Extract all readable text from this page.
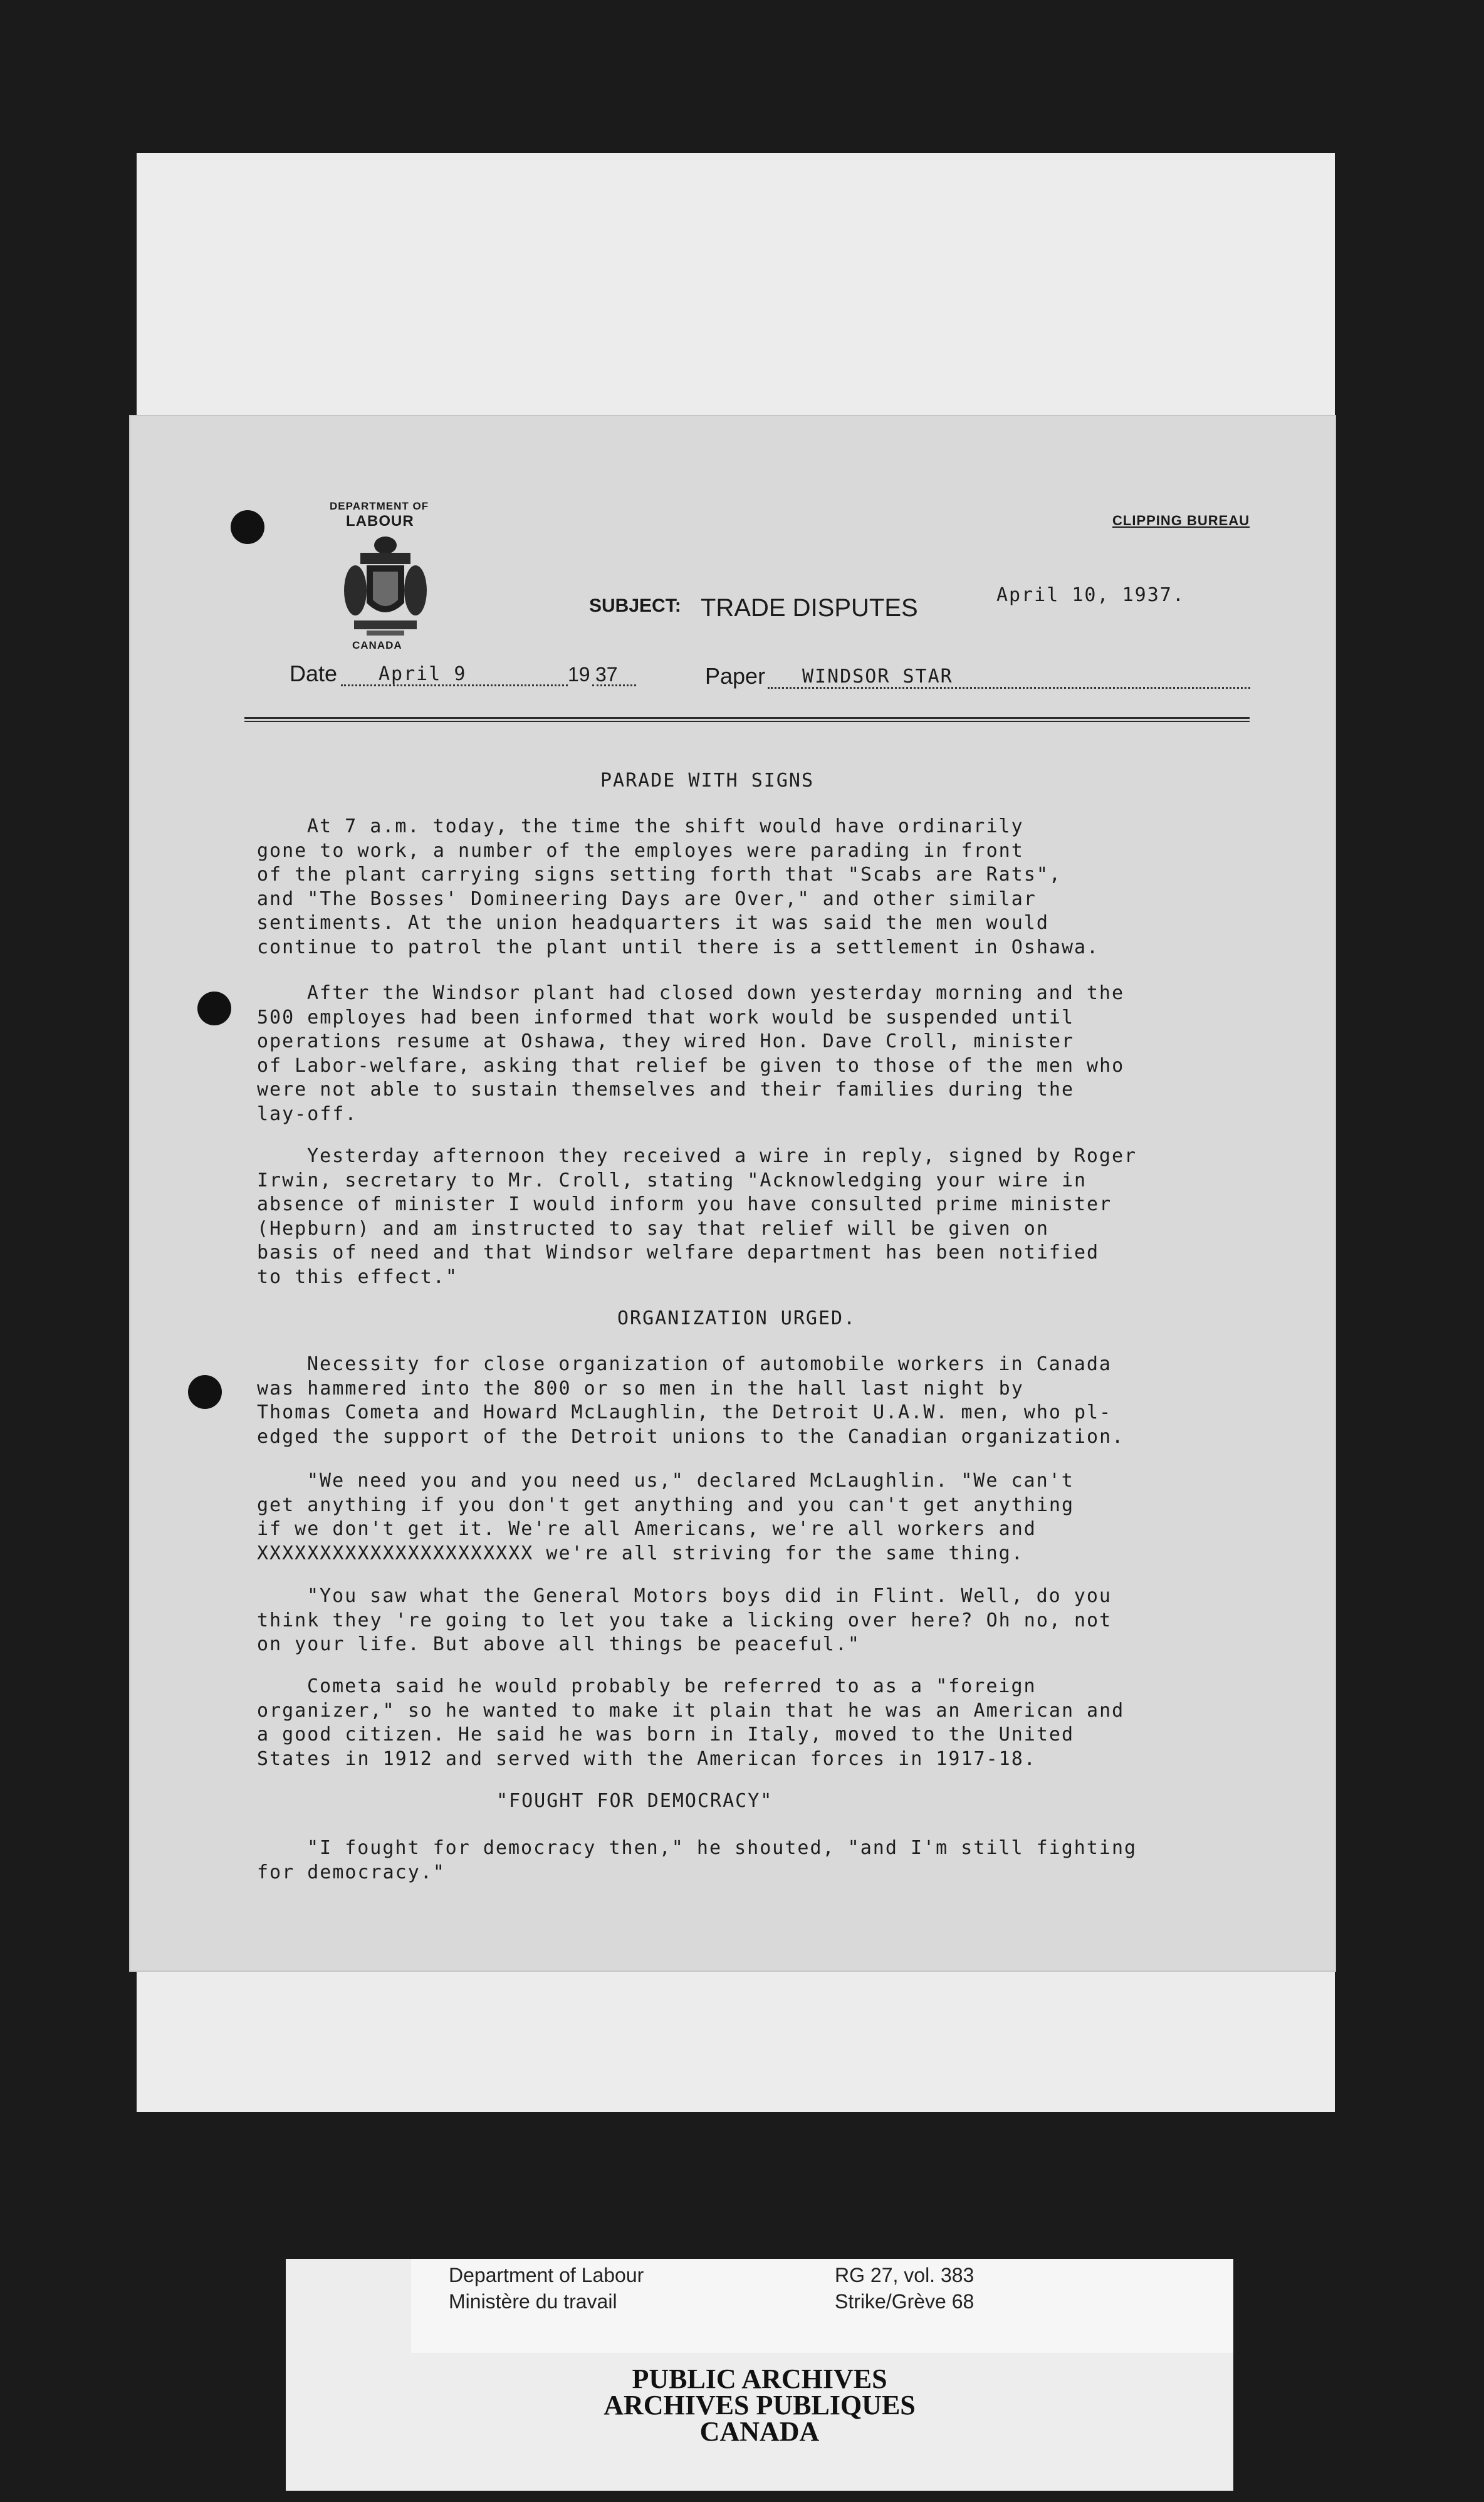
DEPARTMENT OF
LABOUR
CANADA
CLIPPING BUREAU
SUBJECT: TRADE DISPUTES	April 10, 1937.
Date April 9	19 37	Paper WINDSOR STAR
PARADE WITH SIGNS
At 7 a.m. today, the time the shift would have ordinarily
gone to work, a number of the employes were parading in front
of the plant carrying signs setting forth that "Scabs are Rats",
and "The Bosses' Domineering Days are Over," and other similar
sentiments. At the union headquarters it was said the men would
continue to patrol the plant until there is a settlement in Oshawa.
After the Windsor plant had closed down yesterday morning and the
500 employes had been informed that work would be suspended until
operations resume at Oshawa, they wired Hon. Dave Croll, minister
of Labor-welfare, asking that relief be given to those of the men who
were not able to sustain themselves and their families during the
lay-off.
Yesterday afternoon they received a wire in reply, signed by Roger
Irwin, secretary to Mr. Croll, stating "Acknowledging your wire in
absence of minister I would inform you have consulted prime minister
(Hepburn) and am instructed to say that relief will be given on
basis of need and that Windsor welfare department has been notified
to this effect."
ORGANIZATION URGED.
Necessity for close organization of automobile workers in Canada
was hammered into the 800 or so men in the hall last night by
Thomas Cometa and Howard McLaughlin, the Detroit U.A.W. men, who pl-
edged the support of the Detroit unions to the Canadian organization.
"We need you and you need us," declared McLaughlin. "We can't
get anything if you don't get anything and you can't get anything
if we don't get it. We're all Americans, we're all workers and
XXXXXXXXXXXXXXXXXXXXXX we're all striving for the same thing.
"You saw what the General Motors boys did in Flint. Well, do you
think they 're going to let you take a licking over here? Oh no, not
on your life. But above all things be peaceful."
Cometa said he would probably be referred to as a "foreign
organizer," so he wanted to make it plain that he was an American and
a good citizen. He said he was born in Italy, moved to the United
States in 1912 and served with the American forces in 1917-18.
"FOUGHT FOR DEMOCRACY"
"I fought for democracy then," he shouted, "and I'm still fighting
for democracy."
Department of Labour
Ministère du travail
RG 27, vol. 383
Strike/Grève 68
PUBLIC ARCHIVES
ARCHIVES PUBLIQUES
CANADA
